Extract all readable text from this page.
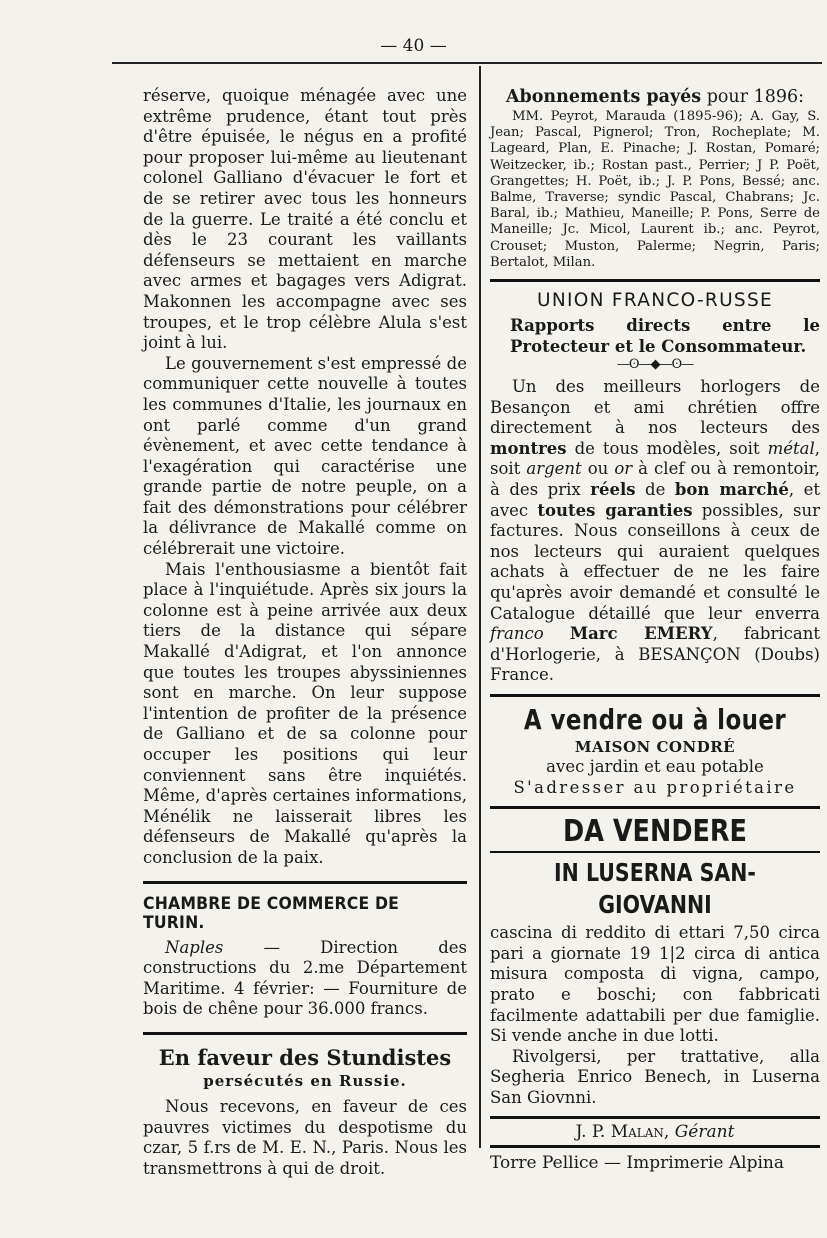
— 40 —

réserve, quoique ménagée avec une extrême prudence, étant tout près d'être épuisée, le négus en a profité pour proposer lui-même au lieutenant colonel Galliano d'évacuer le fort et de se retirer avec tous les honneurs de la guerre. Le traité a été conclu et dès le 23 courant les vaillants défenseurs se mettaient en marche avec armes et bagages vers Adigrat. Makonnen les accompagne avec ses troupes, et le trop célèbre Alula s'est joint à lui.

Le gouvernement s'est empressé de communiquer cette nouvelle à toutes les communes d'Italie, les journaux en ont parlé comme d'un grand évènement, et avec cette tendance à l'exagération qui caractérise une grande partie de notre peuple, on a fait des démonstrations pour célébrer la délivrance de Makallé comme on célébrerait une victoire.

Mais l'enthousiasme a bientôt fait place à l'inquiétude. Après six jours la colonne est à peine arrivée aux deux tiers de la distance qui sépare Makallé d'Adigrat, et l'on annonce que toutes les troupes abyssiniennes sont en marche. On leur suppose l'intention de profiter de la présence de Galliano et de sa colonne pour occuper les positions qui leur conviennent sans être inquiétés. Même, d'après certaines informations, Ménélik ne laisserait libres les défenseurs de Makallé qu'après la conclusion de la paix.

CHAMBRE DE COMMERCE DE TURIN.

Naples — Direction des constructions du 2.me Département Maritime. 4 février: — Fourniture de bois de chêne pour 36.000 francs.

En faveur des Stundistes

persécutés en Russie.

Nous recevons, en faveur de ces pauvres victimes du despotisme du czar, 5 f.rs de M. E. N., Paris. Nous les transmettrons à qui de droit.

Abonnements payés pour 1896:

MM. Peyrot, Marauda (1895-96); A. Gay, S. Jean; Pascal, Pignerol; Tron, Rocheplate; M. Lageard, Plan, E. Pinache; J. Rostan, Pomaré; Weitzecker, ib.; Rostan past., Perrier; J P. Poët, Grangettes; H. Poët, ib.; J. P. Pons, Bessé; anc. Balme, Traverse; syndic Pascal, Chabrans; Jc. Baral, ib.; Mathieu, Maneille; P. Pons, Serre de Maneille; Jc. Micol, Laurent ib.; anc. Peyrot, Crouset; Muston, Palerme; Negrin, Paris; Bertalot, Milan.

UNION FRANCO-RUSSE

Rapports directs entre le Protecteur et le Consommateur.

—ʘ—◆—ʘ—

Un des meilleurs horlogers de Besançon et ami chrétien offre directement à nos lecteurs des montres de tous modèles, soit métal, soit argent ou or à clef ou à remontoir, à des prix réels de bon marché, et avec toutes garanties possibles, sur factures. Nous conseillons à ceux de nos lecteurs qui auraient quelques achats à effectuer de ne les faire qu'après avoir demandé et consulté le Catalogue détaillé que leur enverra franco Marc EMERY, fabricant d'Horlogerie, à BESANÇON (Doubs) France.

A vendre ou à louer

MAISON CONDRÉ

avec jardin et eau potable

S'adresser au propriétaire

DA VENDERE

IN LUSERNA SAN-GIOVANNI

cascina di reddito di ettari 7,50 circa pari a giornate 19 1|2 circa di antica misura composta di vigna, campo, prato e boschi; con fabbricati facilmente adattabili per due famiglie. Si vende anche in due lotti.

Rivolgersi, per trattative, alla Segheria Enrico Benech, in Luserna San Giovnni.

J. P. Malan, Gérant

Torre Pellice — Imprimerie Alpina
